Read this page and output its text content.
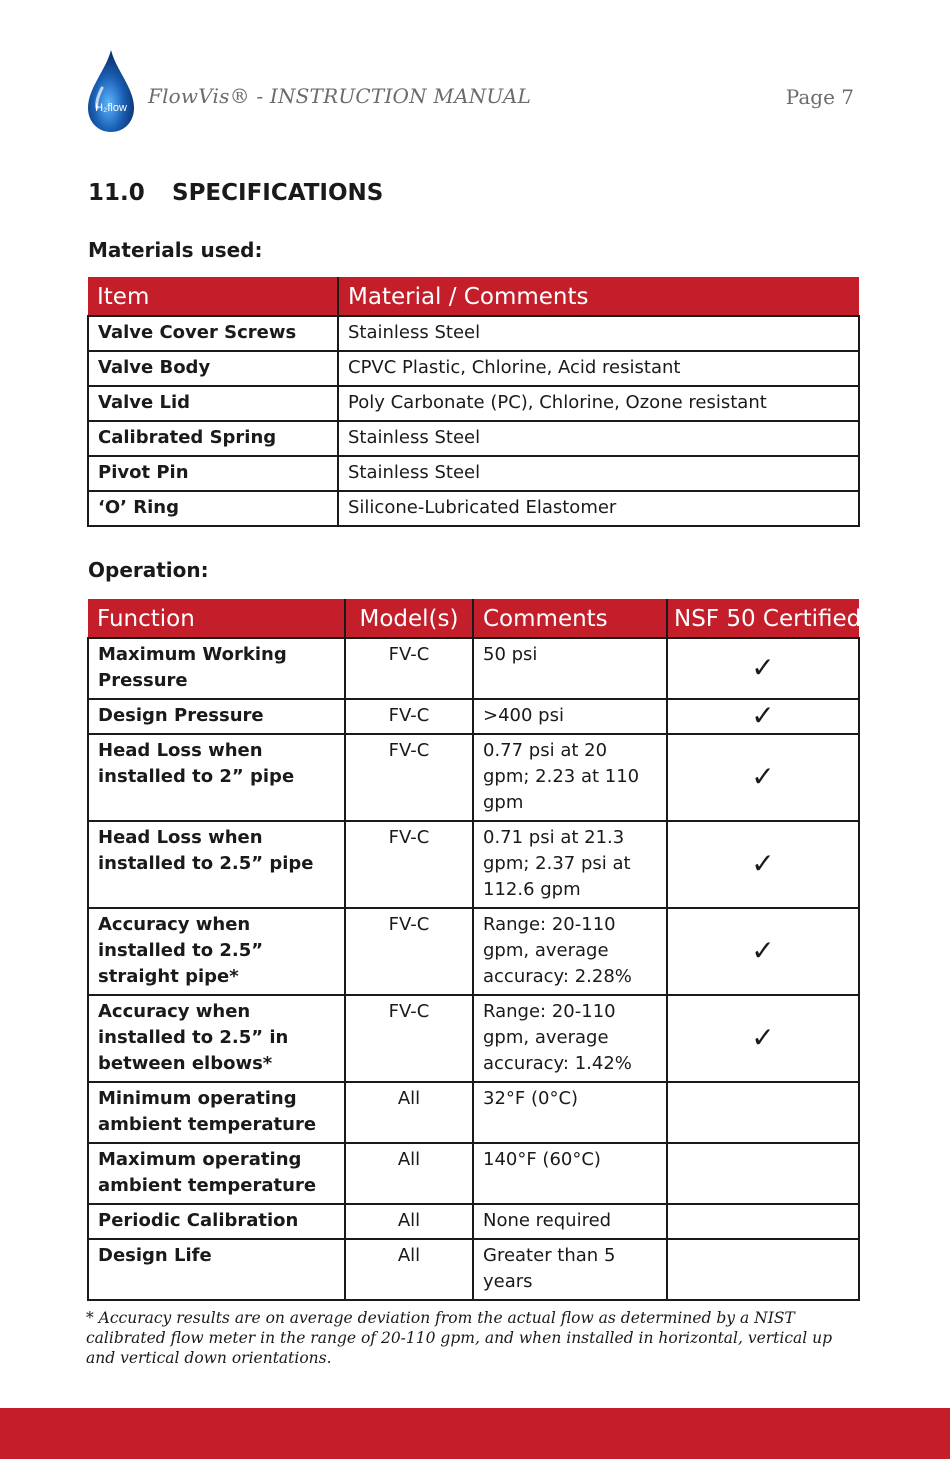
H₂flow FlowVis® - INSTRUCTION MANUAL	Page 7
11.0 SPECIFICATIONS
Materials used:
Item	Material / Comments
Valve Cover Screws	Stainless Steel
Valve Body	CPVC Plastic, Chlorine, Acid resistant
Valve Lid	Poly Carbonate (PC), Chlorine, Ozone resistant
Calibrated Spring	Stainless Steel
Pivot Pin	Stainless Steel
‘O’ Ring	Silicone-Lubricated Elastomer
Operation:
Function	Model(s)	Comments	NSF 50 Certified
Maximum Working Pressure	FV-C	50 psi	✓
Design Pressure	FV-C	>400 psi	✓
Head Loss when installed to 2” pipe	FV-C	0.77 psi at 20 gpm; 2.23 at 110 gpm	✓
Head Loss when installed to 2.5” pipe	FV-C	0.71 psi at 21.3 gpm; 2.37 psi at 112.6 gpm	✓
Accuracy when installed to 2.5” straight pipe*	FV-C	Range: 20-110 gpm, average accuracy: 2.28%	✓
Accuracy when installed to 2.5” in between elbows*	FV-C	Range: 20-110 gpm, average accuracy: 1.42%	✓
Minimum operating ambient temperature	All	32°F (0°C)	
Maximum operating ambient temperature	All	140°F (60°C)	
Periodic Calibration	All	None required	
Design Life	All	Greater than 5 years	
* Accuracy results are on average deviation from the actual flow as determined by a NIST calibrated flow meter in the range of 20-110 gpm, and when installed in horizontal, vertical up and vertical down orientations.
